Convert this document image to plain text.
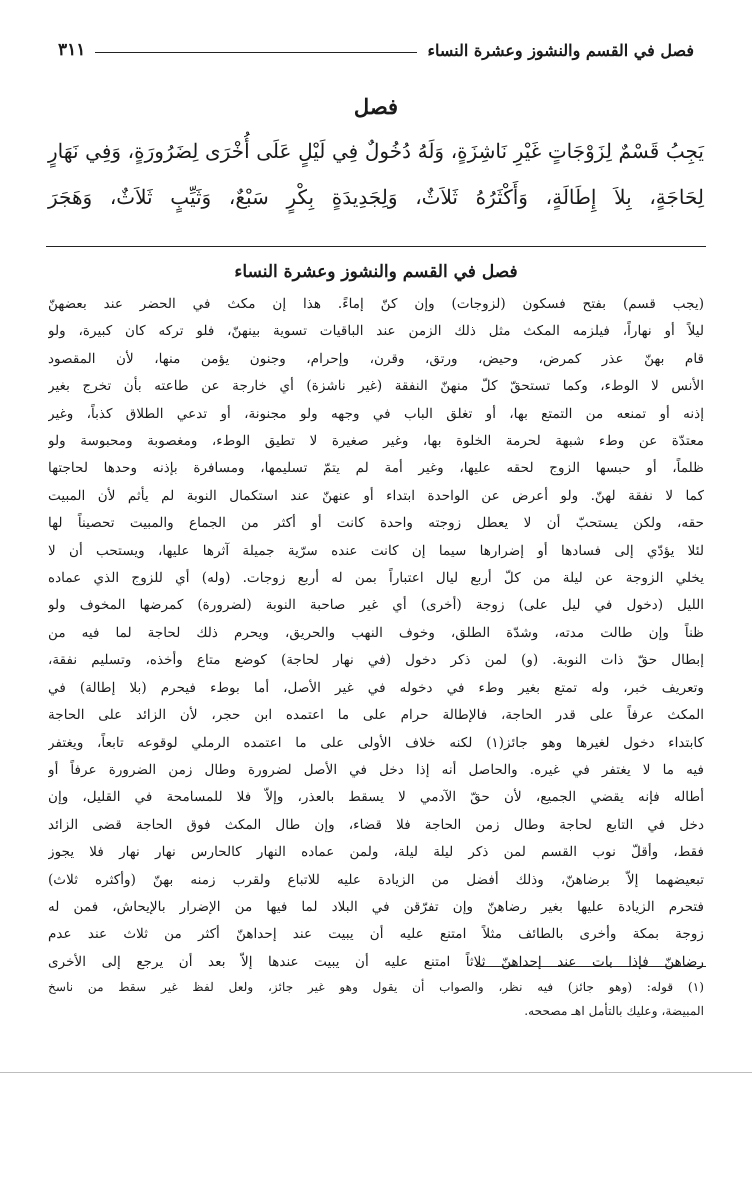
فصل في القسم والنشوز وعشرة النساء
٣١١
فصل
يَجِبُ قَسْمٌ لِزَوْجَاتٍ غَيْرِ نَاشِزَةٍ، وَلَهُ دُخُولٌ فِي لَيْلٍ عَلَى أُخْرَى لِضَرُورَةٍ، وَفِي نَهَارٍ لِحَاجَةٍ، بِلاَ إِطَالَةٍ، وَأَكْثَرُهُ ثَلاَثٌ، وَلِجَدِيدَةٍ بِكْرٍ سَبْعٌ، وَثَيِّبٍ ثَلاَثٌ، وَهَجَرَ
فصل في القسم والنشوز وعشرة النساء

(يجب قسم) بفتح فسكون (لزوجات) وإن كنّ إماءً. هذا إن مكث في الحضر عند بعضهنّ

ليلاً أو نهاراً، فيلزمه المكث مثل ذلك الزمن عند الباقيات تسوية بينهنّ، فلو تركه كان كبيرة، ولو

قام بهنّ عذر كمرض، وحيض، ورتق، وقرن، وإحرام، وجنون يؤمن منها، لأن المقصود

الأنس لا الوطء، وكما تستحقّ كلّ منهنّ النفقة (غير ناشزة) أي خارجة عن طاعته بأن تخرج بغير

إذنه أو تمنعه من التمتع بها، أو تغلق الباب في وجهه ولو مجنونة، أو تدعي الطلاق كذباً، وغير

معتدّة عن وطء شبهة لحرمة الخلوة بها، وغير صغيرة لا تطيق الوطء، ومغصوبة ومحبوسة ولو

ظلماً، أو حبسها الزوج لحقه عليها، وغير أمة لم يتمّ تسليمها، ومسافرة بإذنه وحدها لحاجتها

كما لا نفقة لهنّ. ولو أعرض عن الواحدة ابتداء أو عنهنّ عند استكمال النوبة لم يأثم لأن المبيت

حقه، ولكن يستحبّ أن لا يعطل زوجته واحدة كانت أو أكثر من الجماع والمبيت تحصيناً لها

لئلا يؤدّي إلى فسادها أو إضرارها سيما إن كانت عنده سرّية جميلة آثرها عليها، ويستحب أن لا

يخلي الزوجة عن ليلة من كلّ أربع ليال اعتباراً بمن له أربع زوجات. (وله) أي للزوج الذي عماده

الليل (دخول في ليل على) زوجة (أخرى) أي غير صاحبة النوبة (لضرورة) كمرضها المخوف ولو

ظناً وإن طالت مدته، وشدّة الطلق، وخوف النهب والحريق، ويحرم ذلك لحاجة لما فيه من

إبطال حقّ ذات النوبة. (و) لمن ذكر دخول (في نهار لحاجة) كوضع متاع وأخذه، وتسليم نفقة،

وتعريف خبر، وله تمتع بغير وطء في دخوله في غير الأصل، أما بوطء فيحرم (بلا إطالة) في

المكث عرفاً على قدر الحاجة، فالإطالة حرام على ما اعتمده ابن حجر، لأن الزائد على الحاجة

كابتداء دخول لغيرها وهو جائز(١) لكنه خلاف الأولى على ما اعتمده الرملي لوقوعه تابعاً، ويغتفر

فيه ما لا يغتفر في غيره. والحاصل أنه إذا دخل في الأصل لضرورة وطال زمن الضرورة عرفاً أو

أطاله فإنه يقضي الجميع، لأن حقّ الآدمي لا يسقط بالعذر، وإلاّ فلا للمسامحة في القليل، وإن

دخل في التابع لحاجة وطال زمن الحاجة فلا قضاء، وإن طال المكث فوق الحاجة قضى الزائد

فقط، وأقلّ نوب القسم لمن ذكر ليلة ليلة، ولمن عماده النهار كالحارس نهار نهار فلا يجوز

تبعيضهما إلاّ برضاهنّ، وذلك أفضل من الزيادة عليه للاتباع ولقرب زمنه بهنّ (وأكثره ثلاث)

فتحرم الزيادة عليها بغير رضاهنّ وإن تفرّقن في البلاد لما فيها من الإضرار بالإيحاش، فمن له

زوجة بمكة وأخرى بالطائف مثلاً امتنع عليه أن يبيت عند إحداهنّ أكثر من ثلاث عند عدم

رضاهنّ فإذا بات عند إحداهنّ ثلاثاً امتنع عليه أن يبيت عندها إلاّ بعد أن يرجع إلى الأخرى

(١) قوله: (وهو جائز) فيه نظر، والصواب أن يقول وهو غير جائز، ولعل لفظ غير سقط من ناسخ

المبيضة، وعليك بالتأمل اهـ مصححه.
